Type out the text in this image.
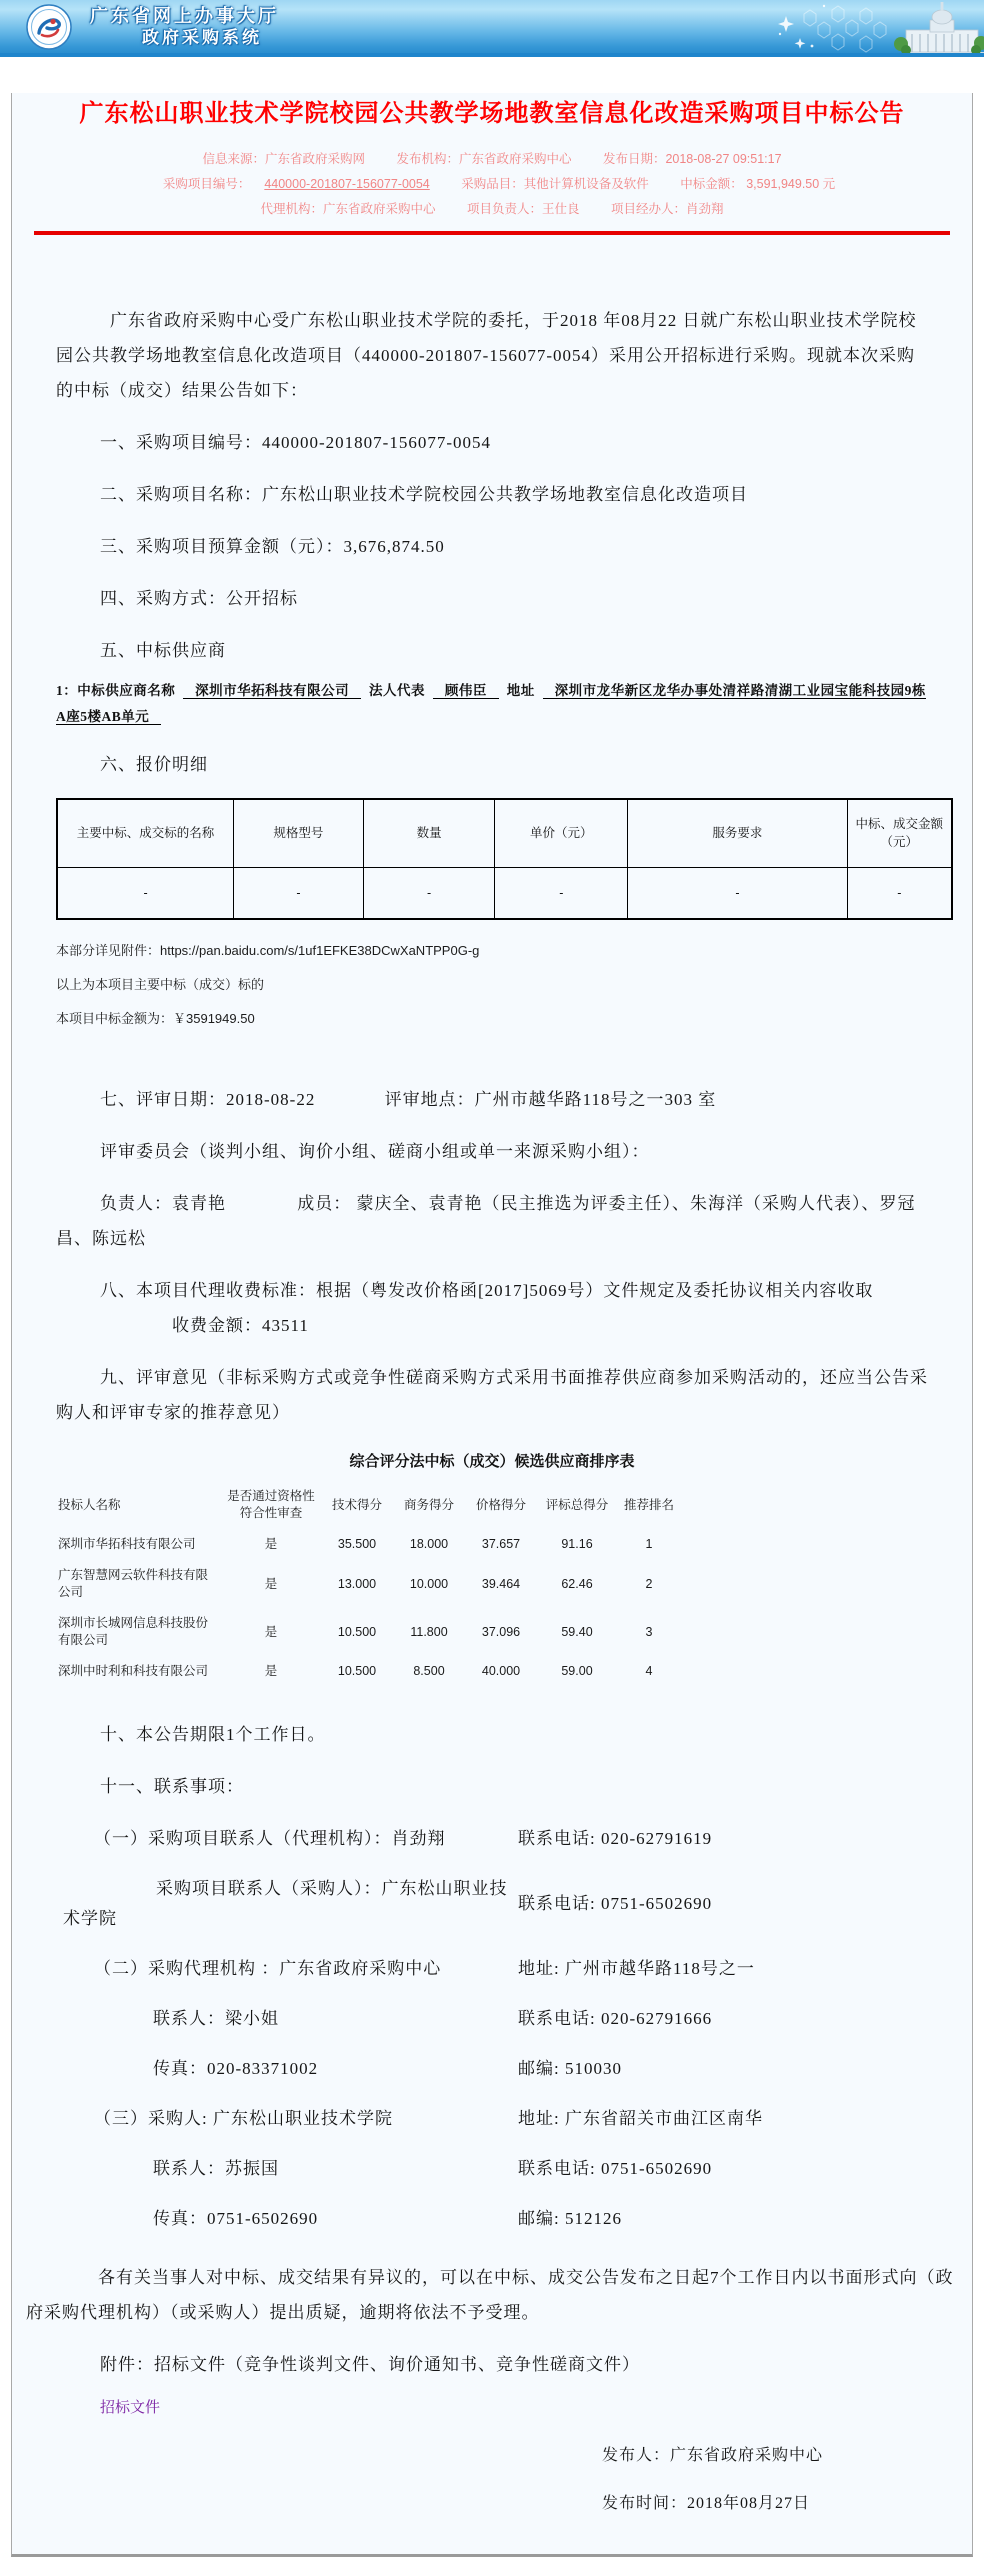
广东省网上办事大厅
政府采购系统
广东松山职业技术学院校园公共教学场地教室信息化改造采购项目中标公告
信息来源：广东省政府采购网	发布机构：广东省政府采购中心	发布日期：2018-08-27 09:51:17
采购项目编号： 440000-201807-156077-0054	采购品目：其他计算机设备及软件	中标金额： 3,591,949.50 元
代理机构：广东省政府采购中心	项目负责人：王仕良	项目经办人：肖劲翔

广东省政府采购中心受广东松山职业技术学院的委托，于2018 年08月22 日就广东松山职业技术学院校园公共教学场地教室信息化改造项目（440000-201807-156077-0054）采用公开招标进行采购。现就本次采购的中标（成交）结果公告如下：

一、采购项目编号：440000-201807-156077-0054

二、采购项目名称：广东松山职业技术学院校园公共教学场地教室信息化改造项目

三、采购项目预算金额（元）：3,676,874.50

四、采购方式：公开招标

五、中标供应商

1：中标供应商名称 深圳市华拓科技有限公司 法人代表 顾伟臣 地址 深圳市龙华新区龙华办事处清祥路清湖工业园宝能科技园9栋A座5楼AB单元

六、报价明细

主要中标、成交标的名称	规格型号	数量	单价（元）	服务要求	中标、成交金额（元）
-	-	-	-	-	-

本部分详见附件：https://pan.baidu.com/s/1uf1EFKE38DCwXaNTPP0G-g

以上为本项目主要中标（成交）标的

本项目中标金额为：￥3591949.50

七、评审日期：2018-08-22	评审地点：广州市越华路118号之一303 室

评审委员会（谈判小组、询价小组、磋商小组或单一来源采购小组）：

负责人：袁青艳	成员： 蒙庆全、袁青艳（民主推选为评委主任）、朱海洋（采购人代表）、罗冠昌、陈远松

八、本项目代理收费标准：根据（粤发改价格函[2017]5069号）文件规定及委托协议相关内容收取

收费金额：43511

九、评审意见（非标采购方式或竞争性磋商采购方式采用书面推荐供应商参加采购活动的，还应当公告采购人和评审专家的推荐意见）

综合评分法中标（成交）候选供应商排序表
投标人名称	是否通过资格性符合性审查	技术得分	商务得分	价格得分	评标总得分	推荐排名
深圳市华拓科技有限公司	是	35.500	18.000	37.657	91.16	1
广东智慧网云软件科技有限公司	是	13.000	10.000	39.464	62.46	2
深圳市长城网信息科技股份有限公司	是	10.500	11.800	37.096	59.40	3
深圳中时利和科技有限公司	是	10.500	8.500	40.000	59.00	4

十、本公告期限1个工作日。

十一、联系事项：

（一）采购项目联系人（代理机构）：肖劲翔	联系电话: 020-62791619
采购项目联系人（采购人）：广东松山职业技术学院
联系电话: 0751-6502690
（二）采购代理机构 ：广东省政府采购中心	地址: 广州市越华路118号之一
联系人：梁小姐	联系电话: 020-62791666
传真：020-83371002	邮编: 510030
（三）采购人: 广东松山职业技术学院	地址: 广东省韶关市曲江区南华
联系人：苏振国	联系电话: 0751-6502690
传真：0751-6502690	邮编: 512126

各有关当事人对中标、成交结果有异议的，可以在中标、成交公告发布之日起7个工作日内以书面形式向（政府采购代理机构）（或采购人）提出质疑，逾期将依法不予受理。

附件：招标文件（竞争性谈判文件、询价通知书、竞争性磋商文件）

招标文件

发布人：广东省政府采购中心

发布时间：2018年08月27日
